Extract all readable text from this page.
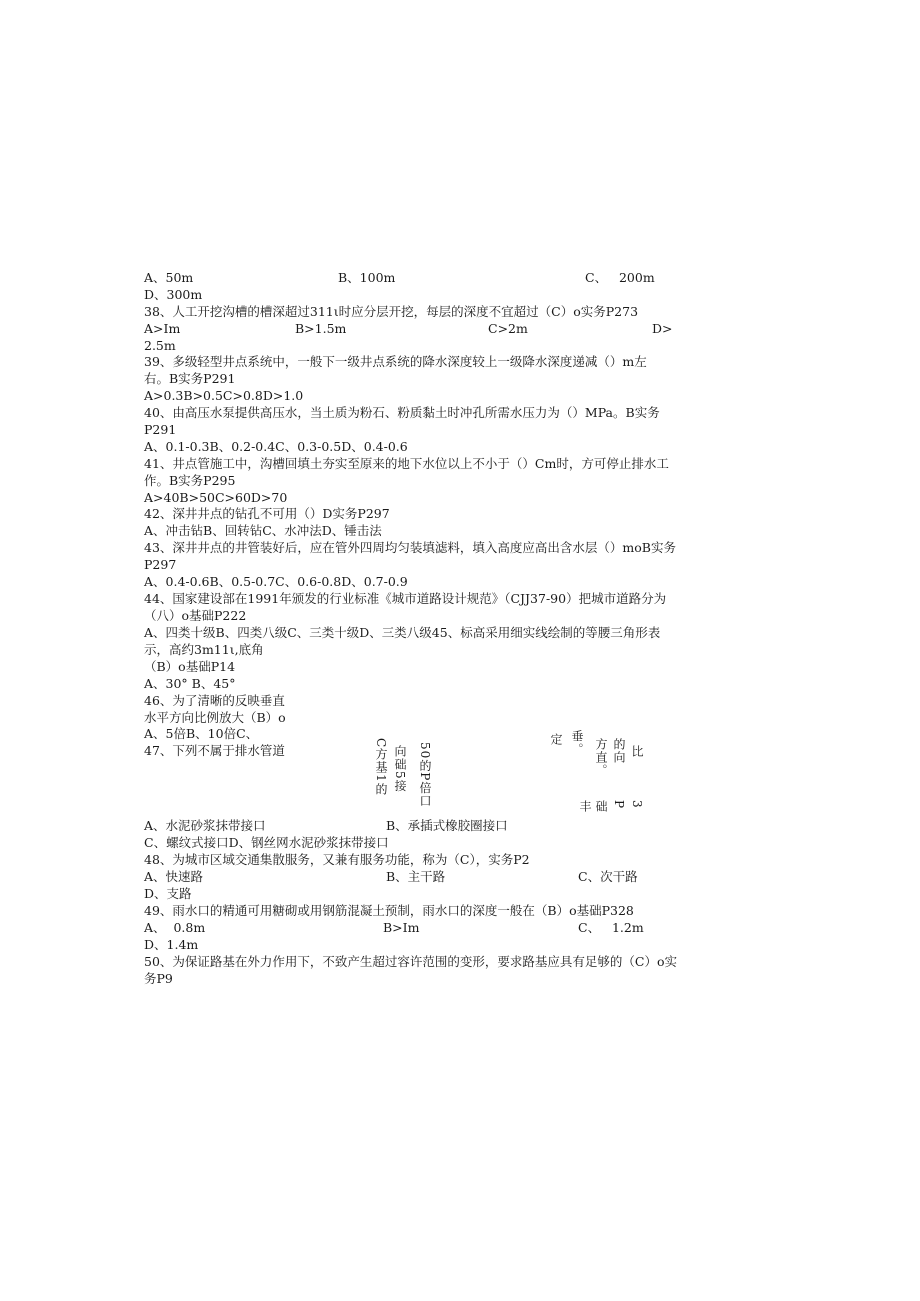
D、300m
38、人工开挖沟槽的槽深超过311ι时应分层开挖，每层的深度不宜超过（C）o实务P273
2.5m
39、多级轻型井点系统中，一般下一级井点系统的降水深度较上一级降水深度递减（）m左
右。B实务P291
A>0.3B>0.5C>0.8D>1.0
40、由高压水泵提供高压水，当土质为粉石、粉质黏土时冲孔所需水压力为（）MPa。B实务
P291
A、0.1-0.3B、0.2-0.4C、0.3-0.5D、0.4-0.6
41、井点管施工中，沟槽回填土夯实至原来的地下水位以上不小于（）Cm时，方可停止排水工
作。B实务P295
A>40B>50C>60D>70
42、深井井点的钻孔不可用（）D实务P297
A、冲击钻B、回转钻C、水冲法D、锤击法
43、深井井点的井管装好后，应在管外四周均匀装填滤料，填入高度应高出含水层（）moB实务
P297
A、0.4-0.6B、0.5-0.7C、0.6-0.8D、0.7-0.9
44、国家建设部在1991年颁发的行业标准《城市道路设计规范》（CJJ37-90）把城市道路分为
（八）o基础P222
A、四类十级B、四类八级C、三类十级D、三类八级45、标高采用细实线绘制的等腰三角形表
示，高约3m11ι,底角
（B）o基础P14
A、30° B、45°
46、为了清晰的反映垂直
水平方向比例放大（B）o
A、5倍B、10倍C、
47、下列不属于排水管道
A、水泥砂浆抹带接口
C、螺纹式接口D、钢丝网水泥砂浆抹带接口
48、为城市区域交通集散服务，又兼有服务功能，称为（C），实务P2
A、快速路
D、支路
49、雨水口的精通可用糖砌或用钢筋混凝土预制，雨水口的深度一般在（B）o基础P328
A、  0.8m
D、1.4m
50、为保证路基在外力作用下，不致产生超过容许范围的变形，要求路基应具有足够的（C）o实
务P9
A、50m	B、100m	C、   200m
A>Im	B>1.5m	C>2m	D>
B、承插式橡胶圈接口
B、主干路	C、次干路
B>Im	C、   1.2m
50的P倍口
向础5接
C方基1的	比
的向
方直。
垂。
定
3
P
础
丰
